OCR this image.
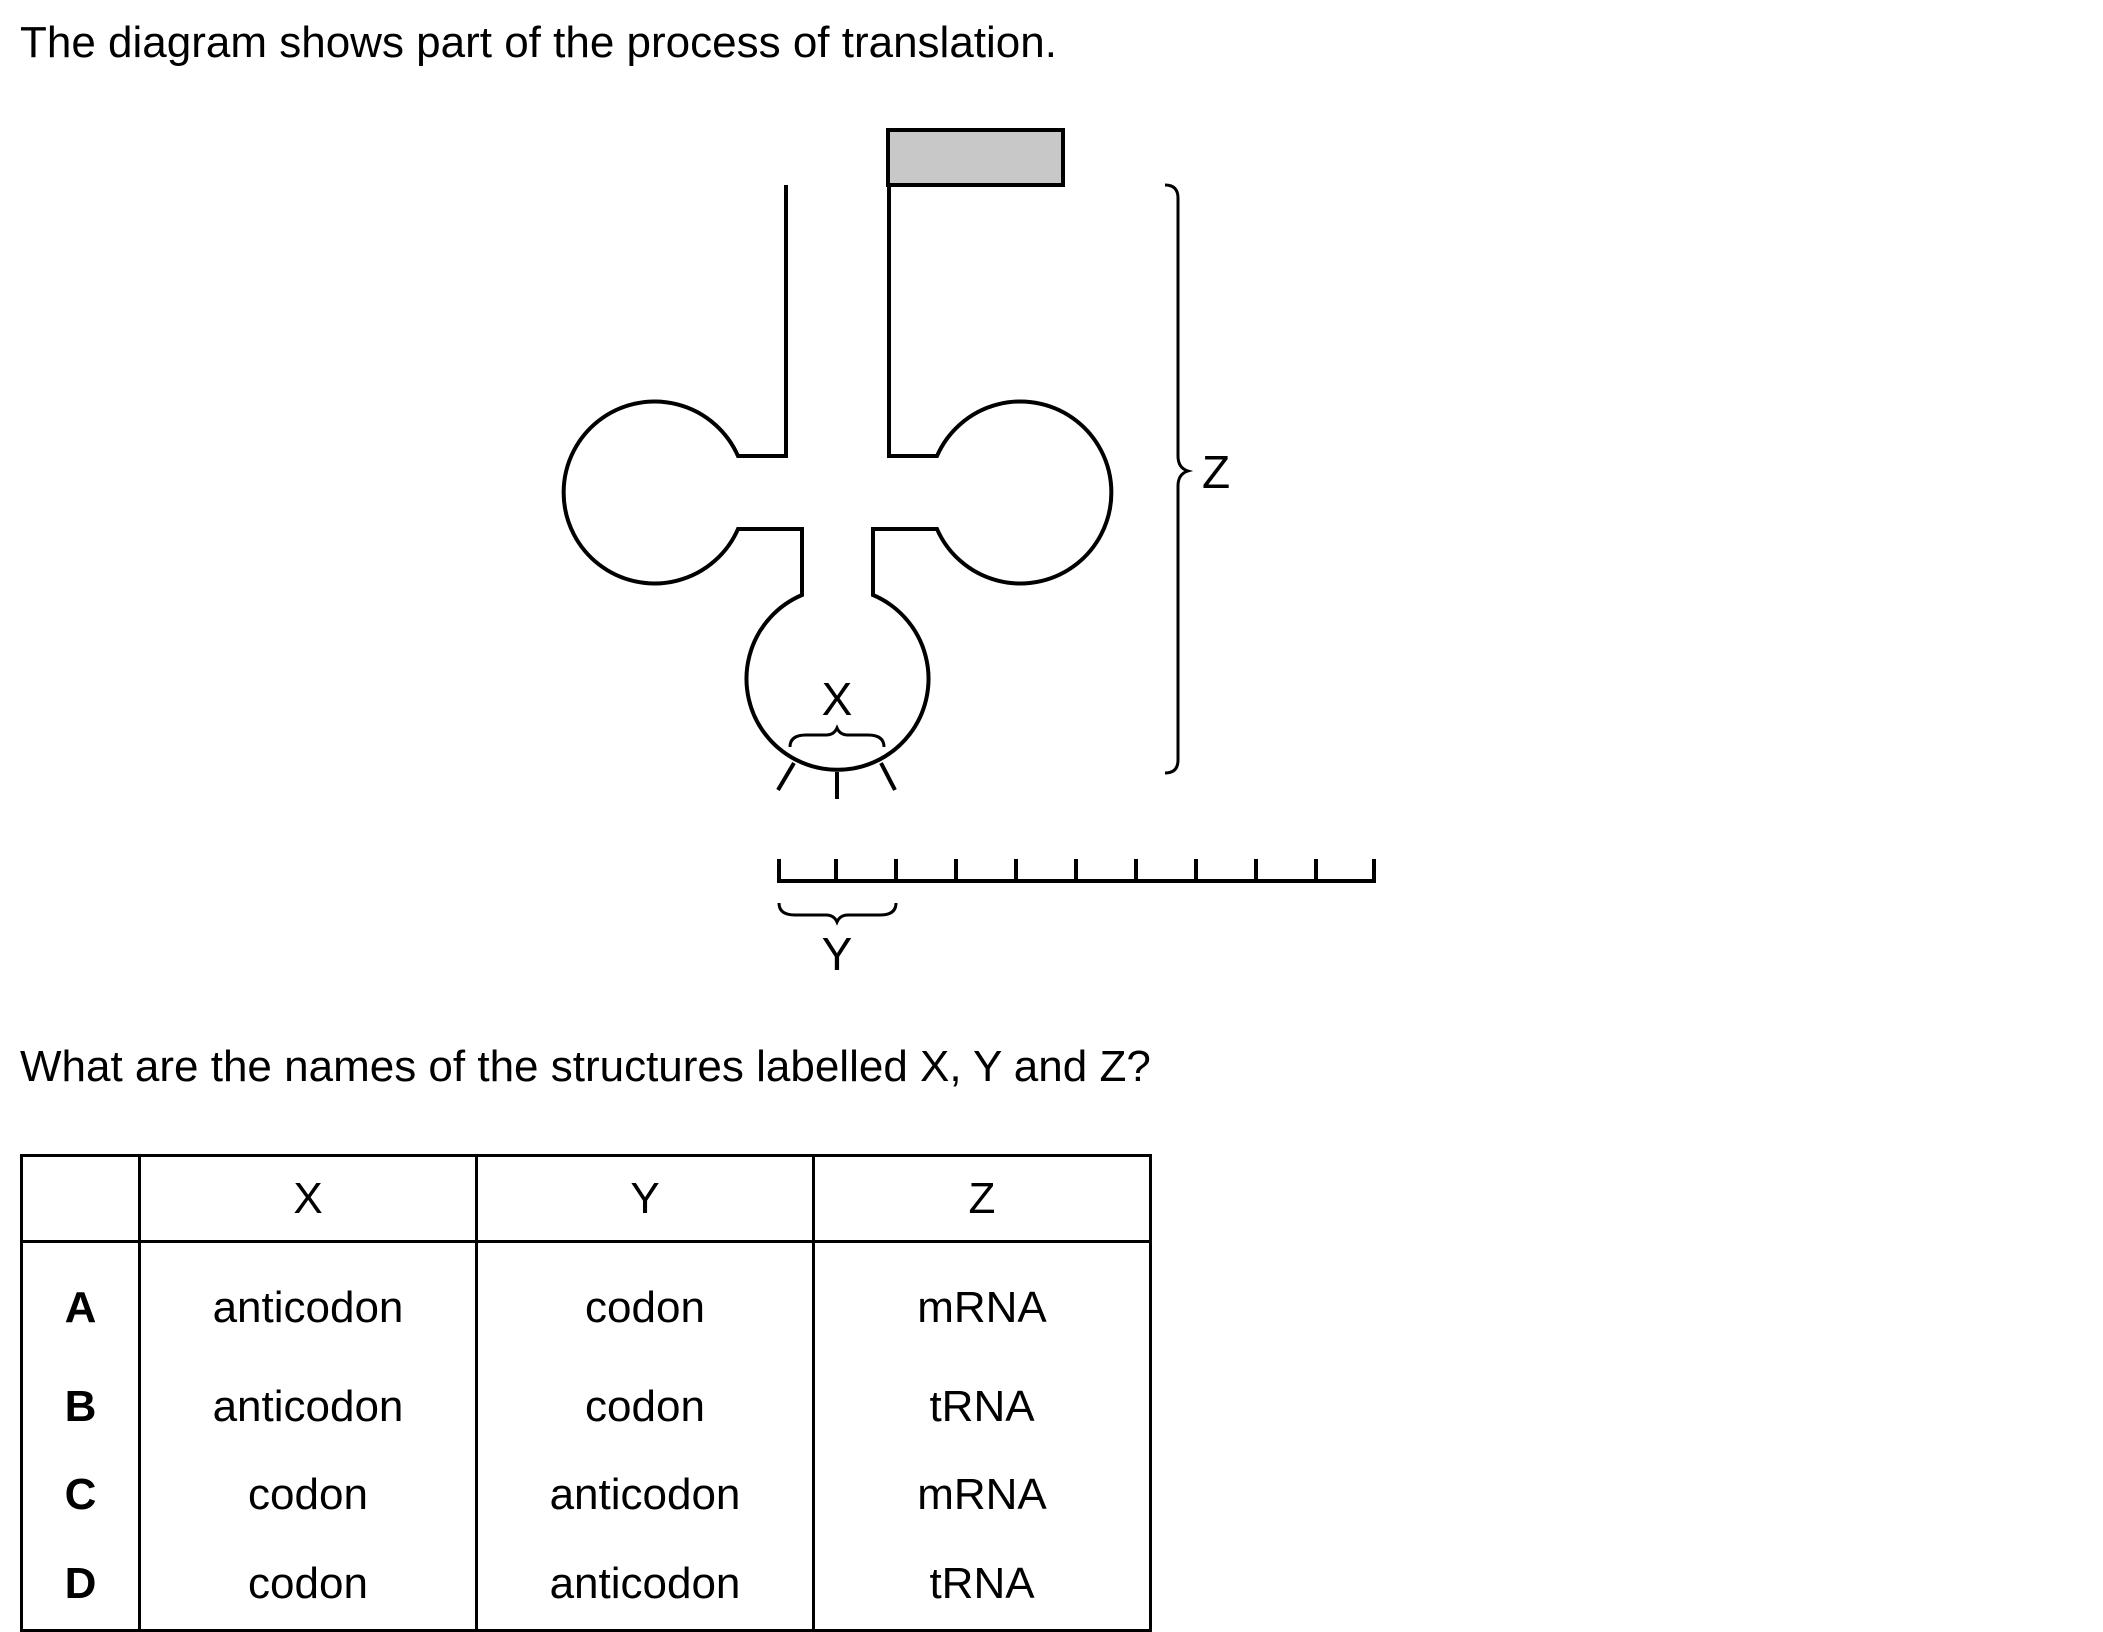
The diagram shows part of the process of translation.
X
Y
Z
What are the names of the structures labelled X, Y and Z?
	X	Y	Z
A	anticodon	codon	mRNA
B	anticodon	codon	tRNA
C	codon	anticodon	mRNA
D	codon	anticodon	tRNA
